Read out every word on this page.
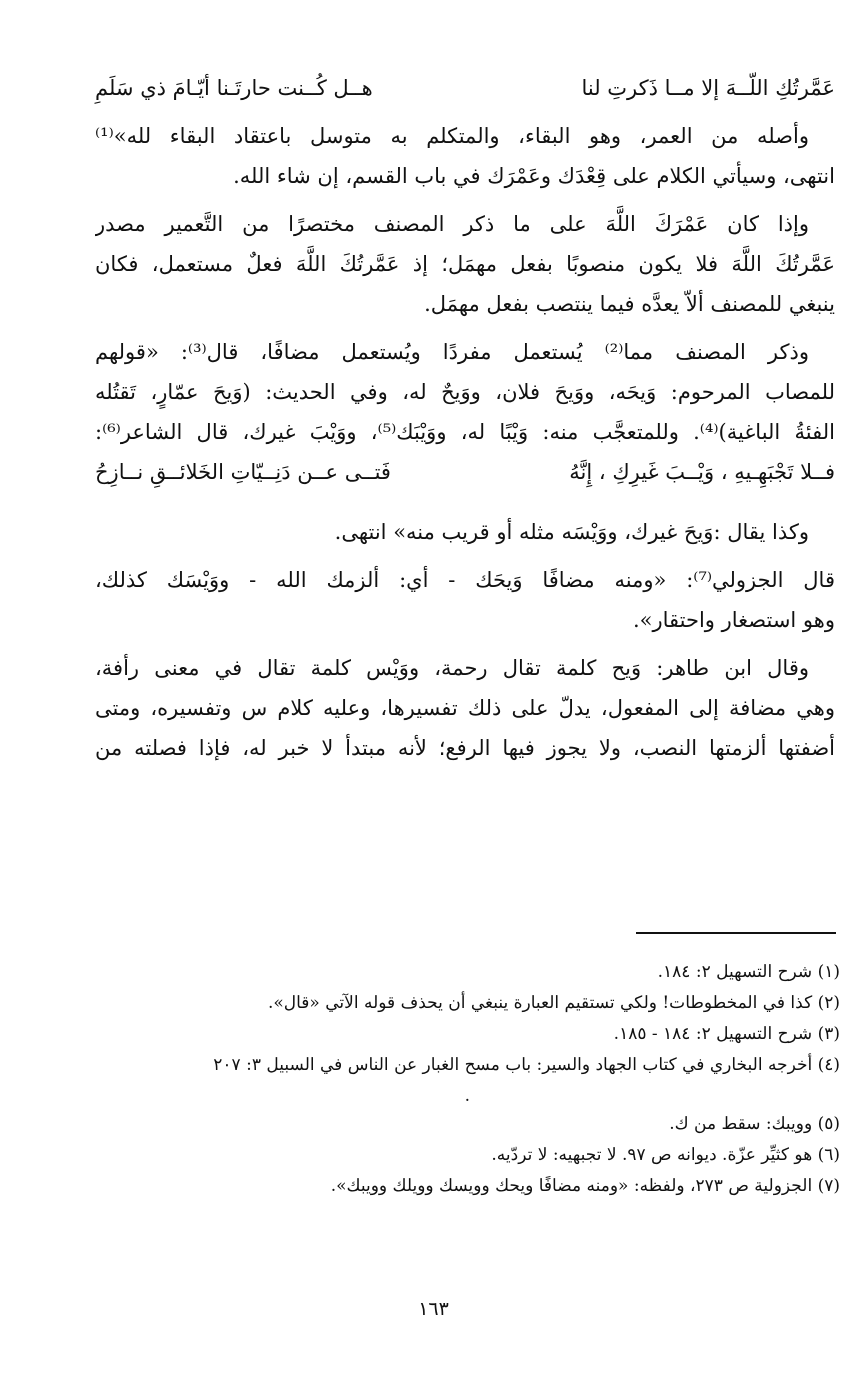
عَمَّرتُكِ اللّــهَ إلا مــا ذَكرتِ لنا
هــل كُــنت حارتَـنا أيّـامَ ذي سَلَمِ
وأصله من العمر، وهو البقاء، والمتكلم به متوسل باعتقاد البقاء لله»⁽¹⁾
انتهى، وسيأتي الكلام على قِعْدَك وعَمْرَك في باب القسم، إن شاء الله.
وإذا كان عَمْرَكَ اللَّهَ على ما ذكر المصنف مختصرًا من التَّعمير مصدر
عَمَّرتُكَ اللَّهَ فلا يكون منصوبًا بفعل مهمَل؛ إذ عَمَّرتُكَ اللَّهَ فعلٌ مستعمل، فكان
ينبغي للمصنف ألاّ يعدَّه فيما ينتصب بفعل مهمَل.
وذكر المصنف مما⁽²⁾ يُستعمل مفردًا ويُستعمل مضافًا، قال⁽³⁾: «قولهم
للمصاب المرحوم: وَيحَه، ووَيحَ فلان، ووَيحٌ له، وفي الحديث: (وَيحَ عمّارٍ، تَقتُله
الفئةُ الباغية)⁽⁴⁾. وللمتعجَّب منه: وَيْبًا له، ووَيْبَك⁽⁵⁾، ووَيْبَ غيرك، قال الشاعر⁽⁶⁾:
فــلا تَجْبَهِـيهِ ، وَيْــبَ غَيرِكِ ، إِنَّهُ
فَتــى عــن دَنِــيّاتِ الخَلائــقِ نــازِحُ
وكذا يقال :وَيحَ غيرك، ووَيْسَه مثله أو قريب منه» انتهى.
قال الجزولي⁽⁷⁾: «ومنه مضافًا وَيحَك - أي: ألزمك الله - ووَيْسَك كذلك،
وهو استصغار واحتقار».
وقال ابن طاهر: وَيح كلمة تقال رحمة، ووَيْس كلمة تقال في معنى رأفة،
وهي مضافة إلى المفعول، يدلّ على ذلك تفسيرها، وعليه كلام س وتفسيره، ومتى
أضفتها ألزمتها النصب، ولا يجوز فيها الرفع؛ لأنه مبتدأ لا خبر له، فإذا فصلته من
(١) شرح التسهيل ٢: ١٨٤.
(٢) كذا في المخطوطات! ولكي تستقيم العبارة ينبغي أن يحذف قوله الآتي «قال».
(٣) شرح التسهيل ٢: ١٨٤ - ١٨٥.
(٤) أخرجه البخاري في كتاب الجهاد والسير: باب مسح الغبار عن الناس في السبيل ٣: ٢٠٧
.
(٥) وويبك: سقط من ك.
(٦) هو كثيِّر عزّة. ديوانه ص ٩٧. لا تجبهيه: لا تردّيه.
(٧) الجزولية ص ٢٧٣، ولفظه: «ومنه مضافًا ويحك وويسك وويلك وويبك».
١٦٣
